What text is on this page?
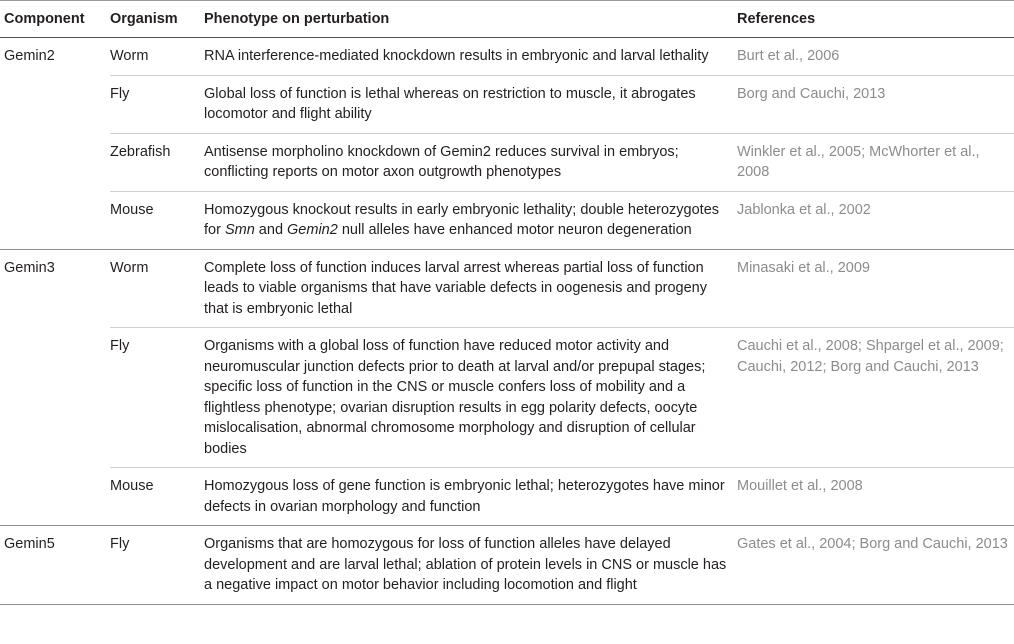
Component	Organism	Phenotype on perturbation	References
Gemin2	Worm	RNA interference-mediated knockdown results in embryonic and larval lethality	Burt et al., 2006
	Fly	Global loss of function is lethal whereas on restriction to muscle, it abrogates locomotor and flight ability	Borg and Cauchi, 2013
	Zebrafish	Antisense morpholino knockdown of Gemin2 reduces survival in embryos; conflicting reports on motor axon outgrowth phenotypes	Winkler et al., 2005; McWhorter et al., 2008
	Mouse	Homozygous knockout results in early embryonic lethality; double heterozygotes for Smn and Gemin2 null alleles have enhanced motor neuron degeneration	Jablonka et al., 2002
Gemin3	Worm	Complete loss of function induces larval arrest whereas partial loss of function leads to viable organisms that have variable defects in oogenesis and progeny that is embryonic lethal	Minasaki et al., 2009
	Fly	Organisms with a global loss of function have reduced motor activity and neuromuscular junction defects prior to death at larval and/or prepupal stages; specific loss of function in the CNS or muscle confers loss of mobility and a flightless phenotype; ovarian disruption results in egg polarity defects, oocyte mislocalisation, abnormal chromosome morphology and disruption of cellular bodies	Cauchi et al., 2008; Shpargel et al., 2009; Cauchi, 2012; Borg and Cauchi, 2013
	Mouse	Homozygous loss of gene function is embryonic lethal; heterozygotes have minor defects in ovarian morphology and function	Mouillet et al., 2008
Gemin5	Fly	Organisms that are homozygous for loss of function alleles have delayed development and are larval lethal; ablation of protein levels in CNS or muscle has a negative impact on motor behavior including locomotion and flight	Gates et al., 2004; Borg and Cauchi, 2013
